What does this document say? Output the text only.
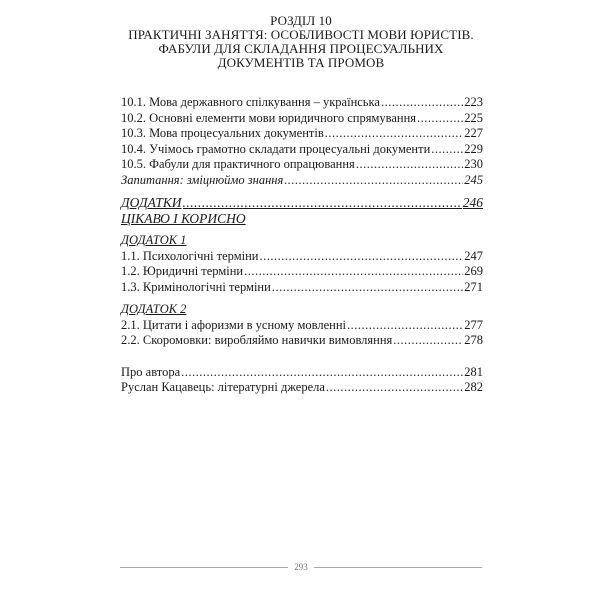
РОЗДІЛ 10
ПРАКТИЧНІ ЗАНЯТТЯ: ОСОБЛИВОСТІ МОВИ ЮРИСТІВ.
ФАБУЛИ ДЛЯ СКЛАДАННЯ ПРОЦЕСУАЛЬНИХ
ДОКУМЕНТІВ ТА ПРОМОВ
10.1. Мова державного спілкування – українська .....	223
10.2. Основні елементи мови юридичного спрямування .....	225
10.3. Мова процесуальних документів .....	227
10.4. Учімось грамотно складати процесуальні документи .....	229
10.5. Фабули для практичного опрацювання .....	230
Запитання: зміцнюймо знання .....	245
ДОДАТКИ .....	246
ЦІКАВО І КОРИСНО
ДОДАТОК 1
1.1. Психологічні терміни .....	247
1.2. Юридичні терміни .....	269
1.3. Кримінологічні терміни .....	271
ДОДАТОК 2
2.1. Цитати і афоризми в усному мовленні .....	277
2.2. Скоромовки: виробляймо навички вимовляння .....	278
Про автора .....	281
Руслан Кацавець: літературні джерела .....	282
293
